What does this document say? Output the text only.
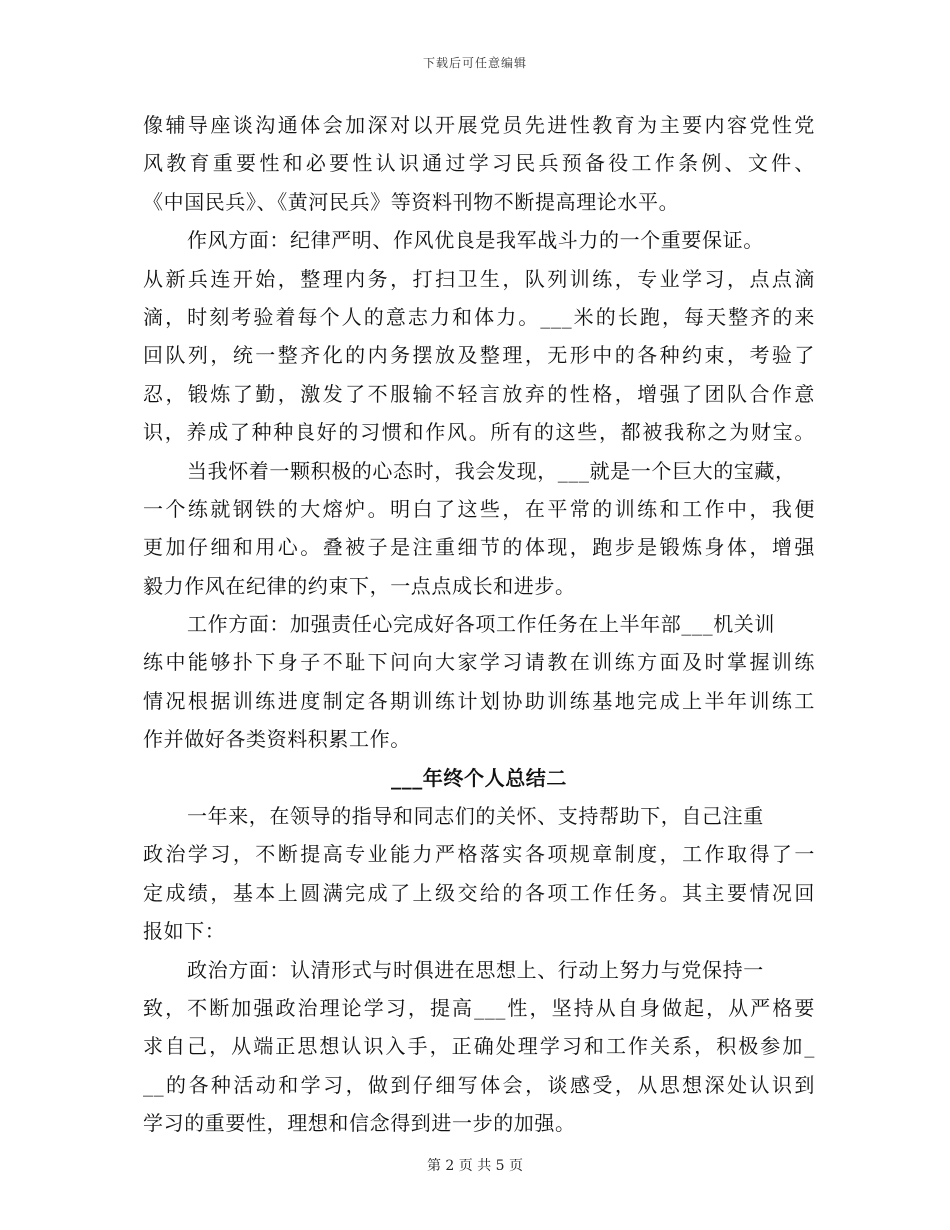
下载后可任意编辑
像辅导座谈沟通体会加深对以开展党员先进性教育为主要内容党性党
风教育重要性和必要性认识通过学习民兵预备役工作条例、文件、
《中国民兵》、《黄河民兵》等资料刊物不断提高理论水平。
作风方面：纪律严明、作风优良是我军战斗力的一个重要保证。
从新兵连开始，整理内务，打扫卫生，队列训练，专业学习，点点滴
滴，时刻考验着每个人的意志力和体力。___米的长跑，每天整齐的来
回队列，统一整齐化的内务摆放及整理，无形中的各种约束，考验了
忍，锻炼了勤，激发了不服输不轻言放弃的性格，增强了团队合作意
识，养成了种种良好的习惯和作风。所有的这些，都被我称之为财宝。
当我怀着一颗积极的心态时，我会发现，___就是一个巨大的宝藏，
一个练就钢铁的大熔炉。明白了这些，在平常的训练和工作中，我便
更加仔细和用心。叠被子是注重细节的体现，跑步是锻炼身体，增强
毅力作风在纪律的约束下，一点点成长和进步。
工作方面：加强责任心完成好各项工作任务在上半年部___机关训
练中能够扑下身子不耻下问向大家学习请教在训练方面及时掌握训练
情况根据训练进度制定各期训练计划协助训练基地完成上半年训练工
作并做好各类资料积累工作。
___年终个人总结二
一年来，在领导的指导和同志们的关怀、支持帮助下，自己注重
政治学习，不断提高专业能力严格落实各项规章制度，工作取得了一
定成绩，基本上圆满完成了上级交给的各项工作任务。其主要情况回
报如下：
政治方面：认清形式与时俱进在思想上、行动上努力与党保持一
致，不断加强政治理论学习，提高___性，坚持从自身做起，从严格要
求自己，从端正思想认识入手，正确处理学习和工作关系，积极参加_
__的各种活动和学习，做到仔细写体会，谈感受，从思想深处认识到
学习的重要性，理想和信念得到进一步的加强。
第 2 页 共 5 页
